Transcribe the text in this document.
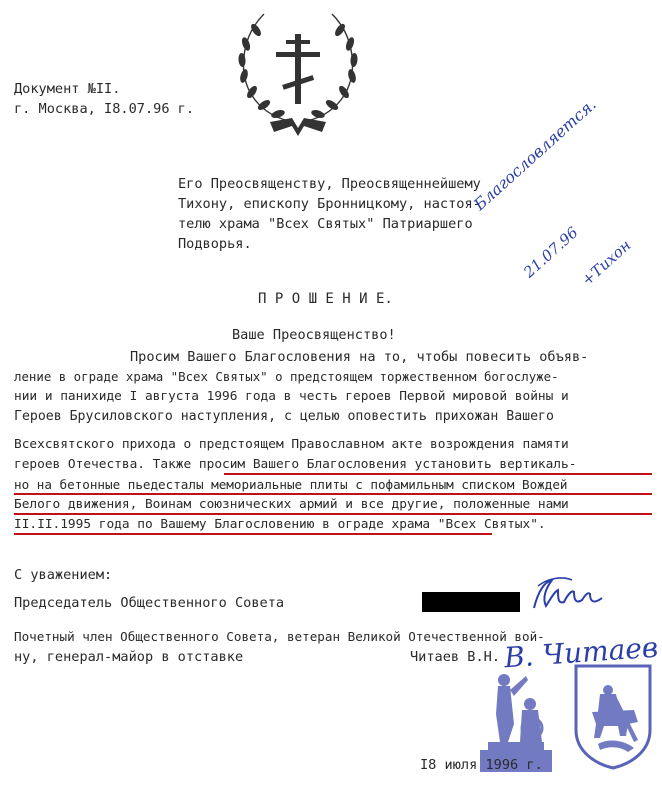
Документ №II.
г. Москва, I8.07.96 г.
Его Преосвященству, Преосвященнейшему
Тихону, епископу Бронницкому, настоя-
телю храма "Всех Святых" Патриаршего
Подворья.
Благословляется.
21.07.96
+Тихон
П Р О Ш Е Н И Е.
Ваше Преосвященство!
Просим Вашего Благословения на то, чтобы повесить объяв-
ление в ограде храма "Всех Святых" о предстоящем торжественном богослуже-
нии и панихиде I августа 1996 года в честь героев Первой мировой войны и
Героев Брусиловского наступления, с целью оповестить прихожан Вашего
Всехсвятского прихода о предстоящем Православном акте возрождения памяти
героев Отечества. Также просим Вашего Благословения установить вертикаль-
но на бетонные пьедесталы мемориальные плиты с пофамильным списком Вождей
Белого движения, Воинам союзнических армий и все другие, положенные нами
II.II.1995 года по Вашему Благословению в ограде храма "Всех Святых".
С уважением:
Председатель Общественного Совета
Почетный член Общественного Совета, ветеран Великой Отечественной вой-
ну, генерал-майор в отставке	Читаев В.Н. В. Читаев
I8 июля 1996 г.
